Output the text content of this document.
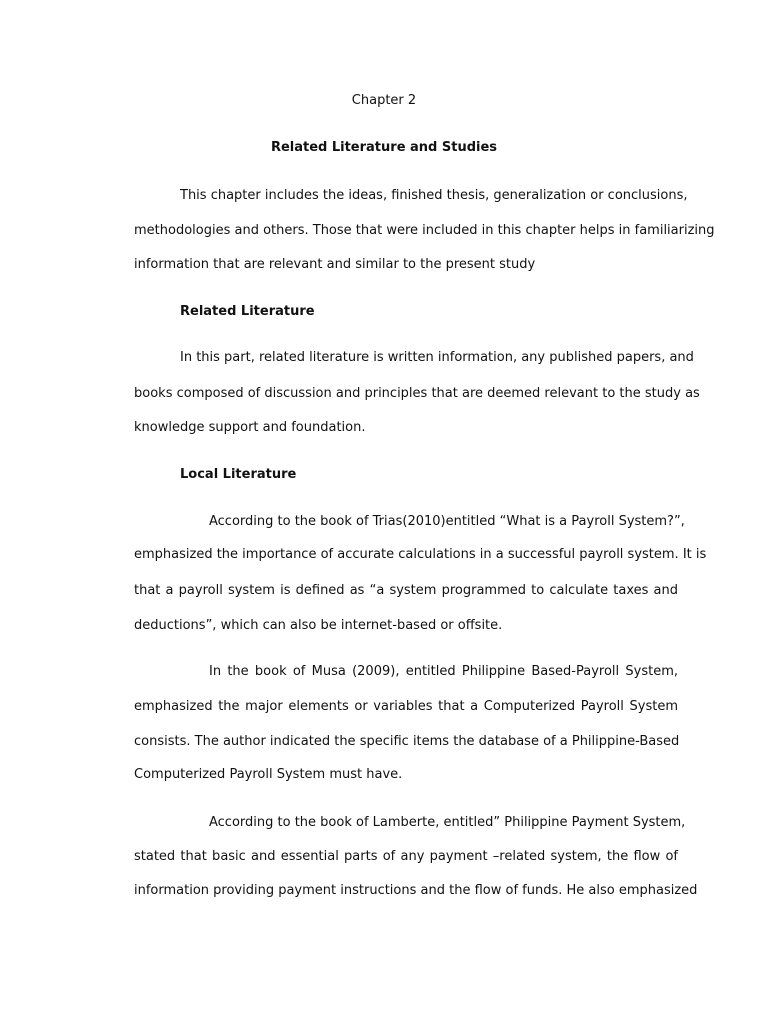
Chapter 2

Related Literature and Studies

This chapter includes the ideas, finished thesis, generalization or conclusions,

methodologies and others. Those that were included in this chapter helps in familiarizing

information that are relevant and similar to the present study

Related Literature

In this part, related literature is written information, any published papers, and

books composed of discussion and principles that are deemed relevant to the study as

knowledge support and foundation.

Local Literature

According to the book of Trias(2010)entitled “What is a Payroll System?”,

emphasized the importance of accurate calculations in a successful payroll system. It is

that a payroll system is defined as “a system programmed to calculate taxes and

deductions”, which can also be internet-based or offsite.

In the book of Musa (2009), entitled Philippine Based-Payroll System,

emphasized the major elements or variables that a Computerized Payroll System

consists. The author indicated the specific items the database of a Philippine-Based

Computerized Payroll System must have.

According to the book of Lamberte, entitled” Philippine Payment System,

stated that basic and essential parts of any payment –related system, the flow of

information providing payment instructions and the flow of funds. He also emphasized
